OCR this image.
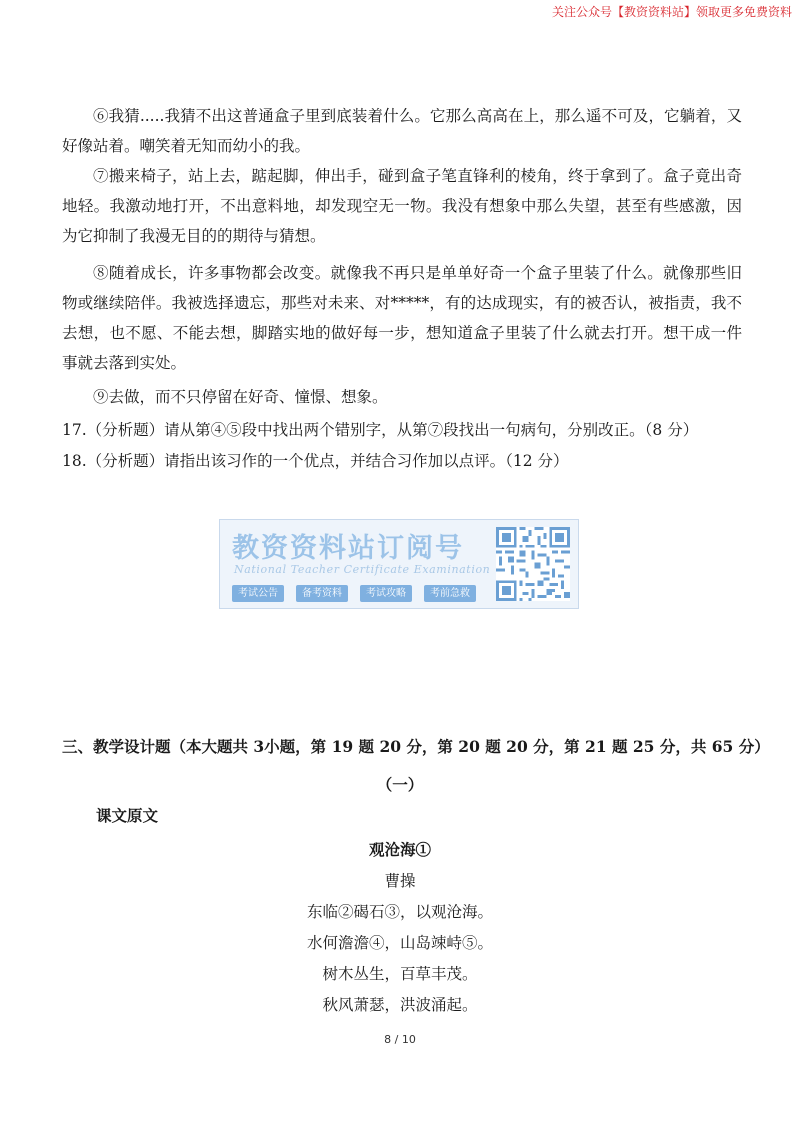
关注公众号【教资资料站】领取更多免费资料

⑥我猜.....我猜不出这普通盒子里到底装着什么。它那么高高在上，那么遥不可及，它躺着，又好像站着。嘲笑着无知而幼小的我。

⑦搬来椅子，站上去，踮起脚，伸出手，碰到盒子笔直锋利的棱角，终于拿到了。盒子竟出奇地轻。我激动地打开，不出意料地，却发现空无一物。我没有想象中那么失望，甚至有些感激，因为它抑制了我漫无目的的期待与猜想。

⑧随着成长，许多事物都会改变。就像我不再只是单单好奇一个盒子里装了什么。就像那些旧物或继续陪伴。我被选择遗忘，那些对未来、对*****，有的达成现实，有的被否认，被指责，我不去想，也不愿、不能去想，脚踏实地的做好每一步，想知道盒子里装了什么就去打开。想干成一件事就去落到实处。

⑨去做，而不只停留在好奇、憧憬、想象。

17.（分析题）请从第④⑤段中找出两个错别字，从第⑦段找出一句病句，分别改正。（8 分）
18.（分析题）请指出该习作的一个优点，并结合习作加以点评。（12 分）
教资资料站订阅号
National Teacher Certificate Examination
考试公告	备考资料	考试攻略	考前急救
三、教学设计题（本大题共 3小题，第 19 题 20 分，第 20 题 20 分，第 21 题 25 分，共 65 分）
（一）
课文原文
观沧海①
曹操
东临②碣石③，以观沧海。
水何澹澹④，山岛竦峙⑤。
树木丛生，百草丰茂。
秋风萧瑟，洪波涌起。
8 / 10
